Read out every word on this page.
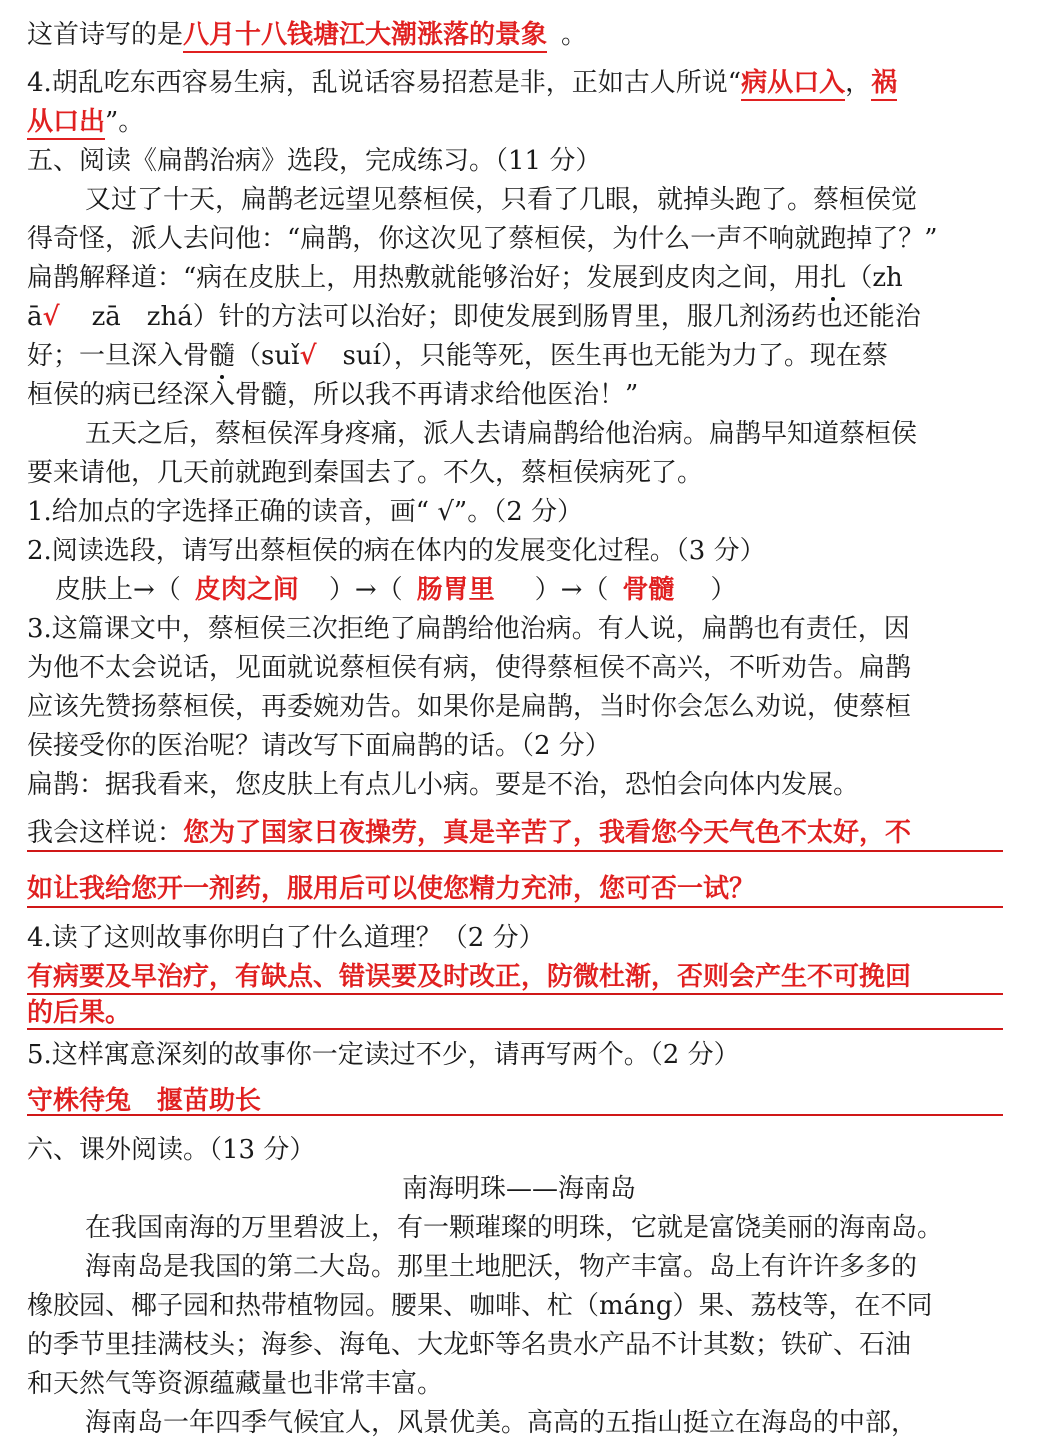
这首诗写的是八月十八钱塘江大潮涨落的景象 。
4.胡乱吃东西容易生病，乱说话容易招惹是非，正如古人所说“病从口入，祸
从口出”。
五、阅读《扁鹊治病》选段，完成练习。（11 分）
又过了十天，扁鹊老远望见蔡桓侯，只看了几眼，就掉头跑了。蔡桓侯觉
得奇怪，派人去问他：“扁鹊，你这次见了蔡桓侯，为什么一声不响就跑掉了？”
扁鹊解释道：“病在皮肤上，用热敷就能够治好；发展到皮肉之间，用扎（zh
ā√ zā　zhá）针的方法可以治好；即使发展到肠胃里，服几剂汤药也还能治
好；一旦深入骨髓（suǐ√ suí），只能等死，医生再也无能为力了。现在蔡
桓侯的病已经深入骨髓，所以我不再请求给他医治！”
五天之后，蔡桓侯浑身疼痛，派人去请扁鹊给他治病。扁鹊早知道蔡桓侯
要来请他，几天前就跑到秦国去了。不久，蔡桓侯病死了。
1.给加点的字选择正确的读音，画“ √”。（2 分）
2.阅读选段，请写出蔡桓侯的病在体内的发展变化过程。（3 分）
皮肤上→（ 皮肉之间 ）→（ 肠胃里 ）→（ 骨髓 ）
3.这篇课文中，蔡桓侯三次拒绝了扁鹊给他治病。有人说，扁鹊也有责任，因
为他不太会说话，见面就说蔡桓侯有病，使得蔡桓侯不高兴，不听劝告。扁鹊
应该先赞扬蔡桓侯，再委婉劝告。如果你是扁鹊，当时你会怎么劝说，使蔡桓
侯接受你的医治呢？请改写下面扁鹊的话。（2 分）
扁鹊：据我看来，您皮肤上有点儿小病。要是不治，恐怕会向体内发展。
我会这样说：您为了国家日夜操劳，真是辛苦了，我看您今天气色不太好，不
如让我给您开一剂药，服用后可以使您精力充沛，您可否一试？
4.读了这则故事你明白了什么道理？（2 分）
有病要及早治疗，有缺点、错误要及时改正，防微杜渐，否则会产生不可挽回
的后果。
5.这样寓意深刻的故事你一定读过不少，请再写两个。（2 分）
守株待兔　揠苗助长
六、课外阅读。（13 分）
南海明珠——海南岛
在我国南海的万里碧波上，有一颗璀璨的明珠，它就是富饶美丽的海南岛。
海南岛是我国的第二大岛。那里土地肥沃，物产丰富。岛上有许许多多的
橡胶园、椰子园和热带植物园。腰果、咖啡、杧（máng）果、荔枝等，在不同
的季节里挂满枝头；海参、海龟、大龙虾等名贵水产品不计其数；铁矿、石油
和天然气等资源蕴藏量也非常丰富。
海南岛一年四季气候宜人，风景优美。高高的五指山挺立在海岛的中部，
